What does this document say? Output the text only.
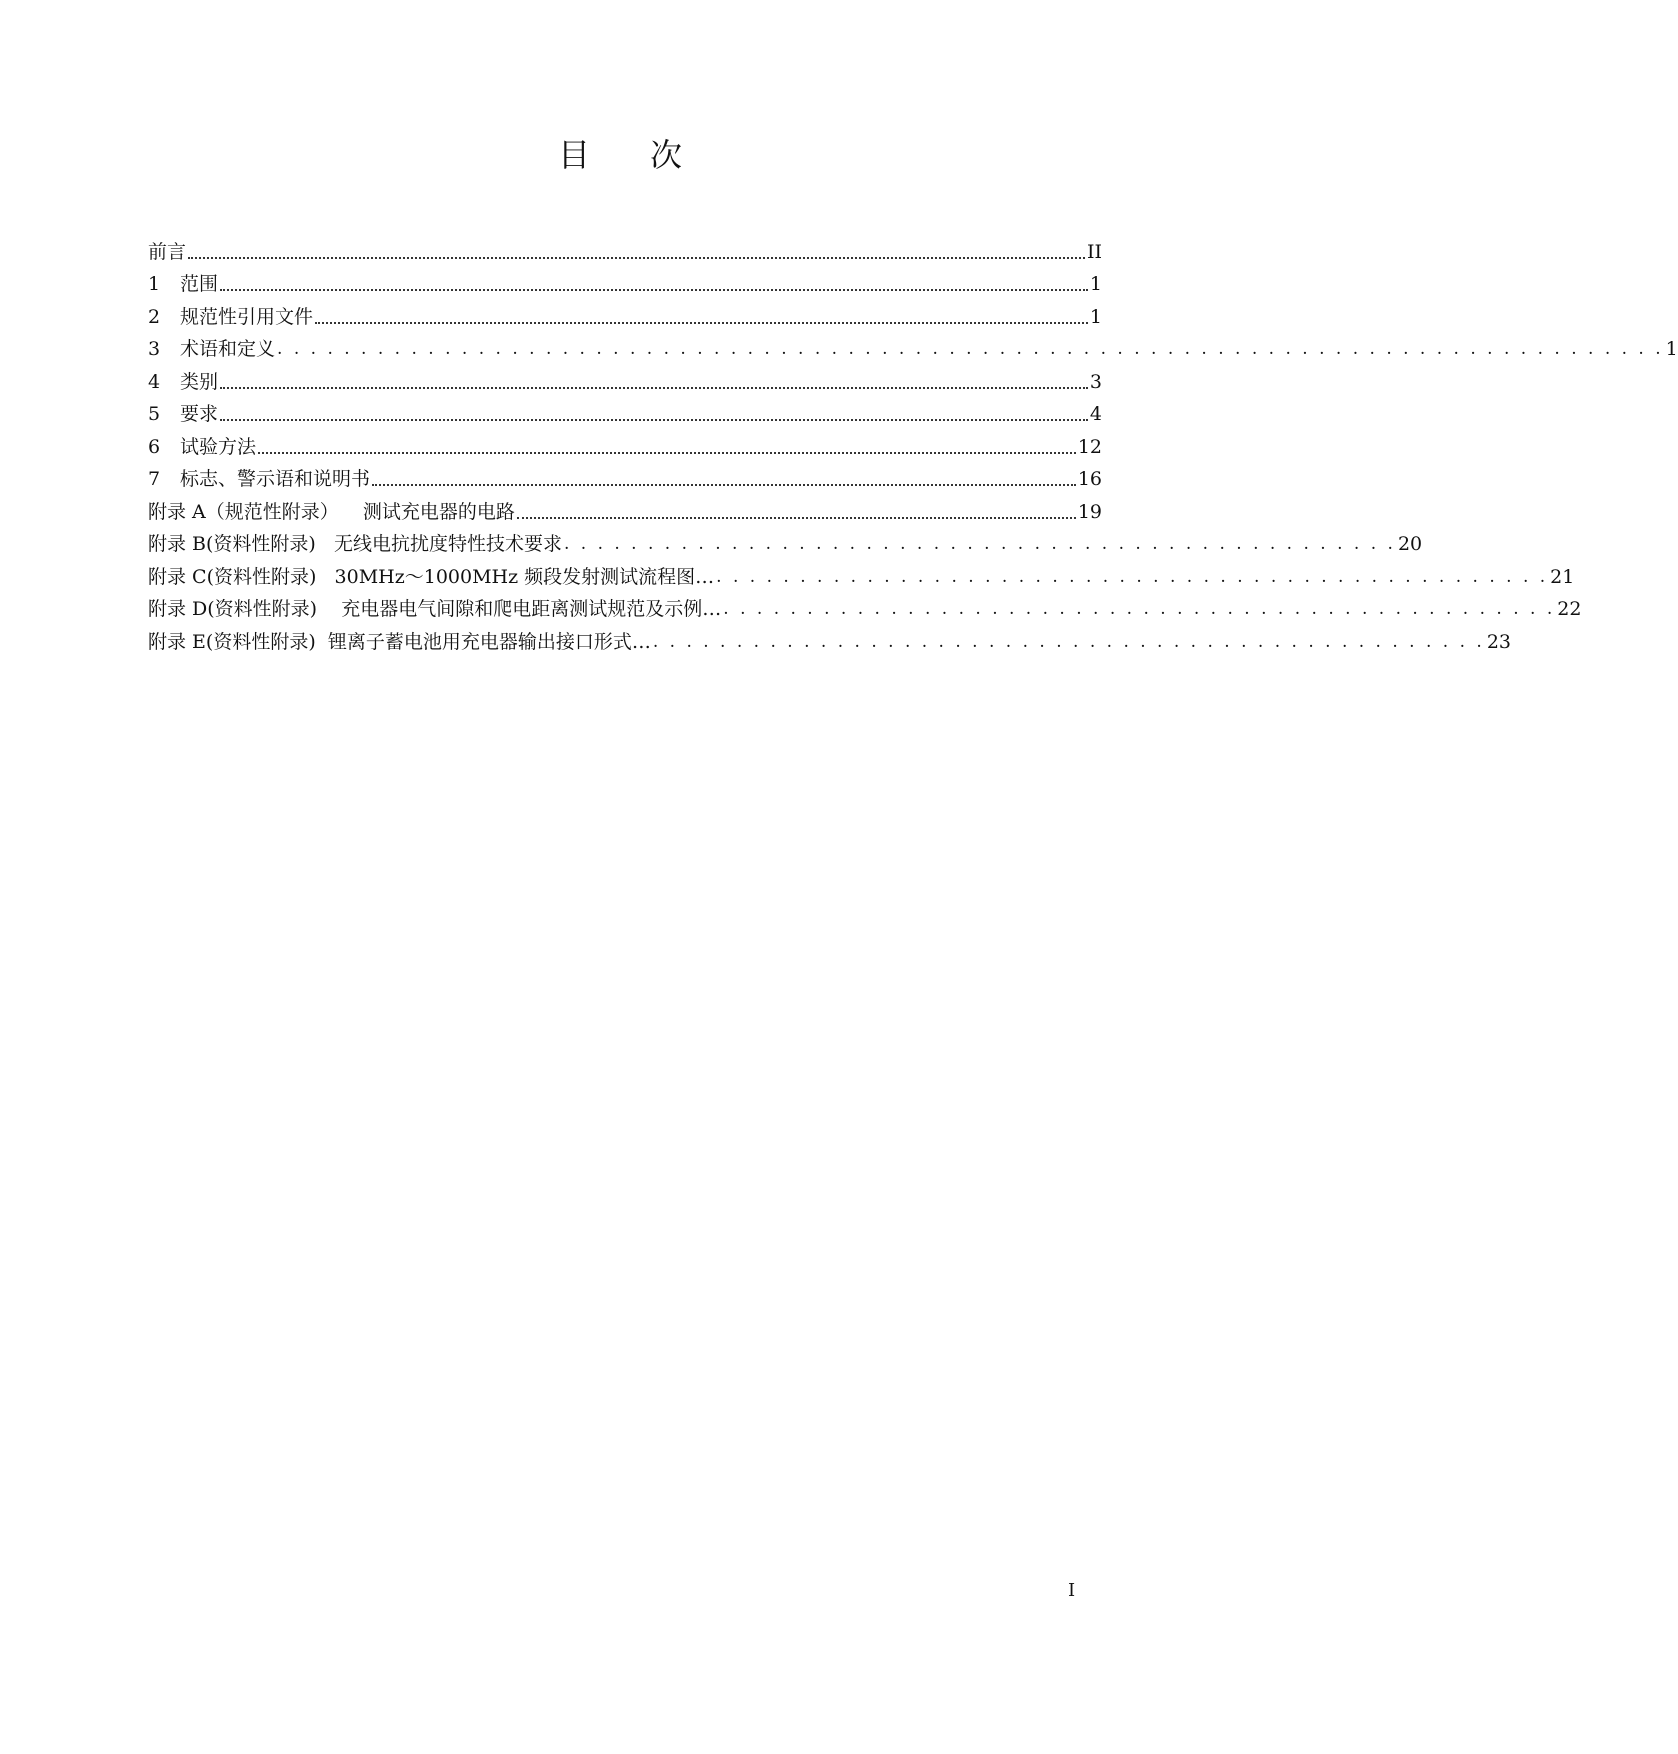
目 次
前言	II
1	范围	1
2	规范性引用文件	1
3	术语和定义 . . . . . . . . . . . . . . . . . . . . . . . . . . . . . . . . . . . . . . . . . . . . . . . . . . . . . . . . . . . . . . . . . . . . . . . . . . . . . . . . . . . 1
4	类别	3
5	要求	4
6	试验方法	12
7	标志、警示语和说明书	16
附录 A（规范性附录）    测试充电器的电路	19
附录 B(资料性附录)   无线电抗扰度特性技术要求 . . . . . . . . . . . . . . . . . . . . . . . . . . . . . . . . . . . . . . . . . . . . . . . . . . 20
附录 C(资料性附录)   30MHz～1000MHz 频段发射测试流程图… . . . . . . . . . . . . . . . . . . . . . . . . . . . . . . . . . . . . . . . . . . . . . . . . . . 21
附录 D(资料性附录)    充电器电气间隙和爬电距离测试规范及示例… . . . . . . . . . . . . . . . . . . . . . . . . . . . . . . . . . . . . . . . . . . . . . . . . . . 22
附录 E(资料性附录)  锂离子蓄电池用充电器输出接口形式… . . . . . . . . . . . . . . . . . . . . . . . . . . . . . . . . . . . . . . . . . . . . . . . . . . 23
I
